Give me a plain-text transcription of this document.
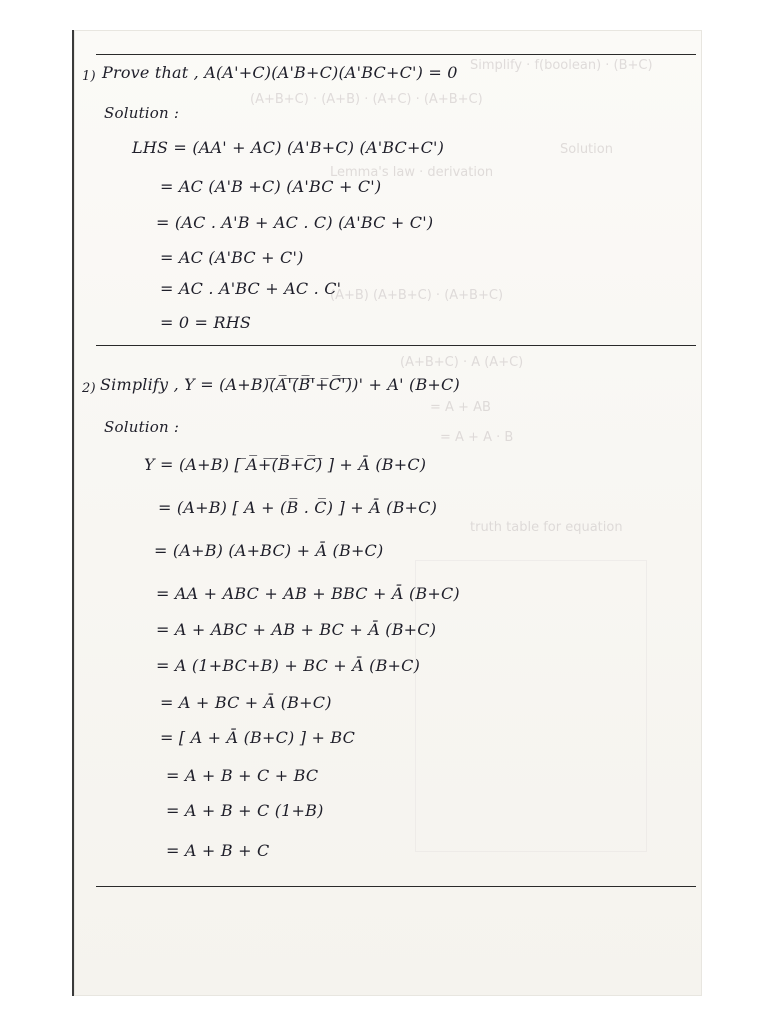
Simplify · f(boolean) · (B+C)
(A+B+C) · (A+B) · (A+C) · (A+B+C)
Solution
Lemma's law · derivation
(A+B) (A+B+C) · (A+B+C)
(A+B+C) · A (A+C)
= A + AB
= A + A · B
truth table for equation
1) Prove that , A(A'+C)(A'B+C)(A'BC+C') = 0
Solution :
LHS = (AA' + AC) (A'B+C) (A'BC+C')
= AC (A'B +C) (A'BC + C')
= (AC . A'B + AC . C) (A'BC + C')
= AC (A'BC + C')
= AC . A'BC + AC . C'
= 0 = RHS
2) Simplify , Y = (A+B)(̅A̅'̅(̅B̅'̅+̅C̅'̅)̅)' + A' (B+C)
Solution :
Y = (A+B) [ ̅A̅+̅(̅B̅+̅C̅)̅ ] + Ā (B+C)
= (A+B) [ A + (B̅ . C̅) ] + Ā (B+C)
= (A+B) (A+BC) + Ā (B+C)
= AA + ABC + AB + BBC + Ā (B+C)
= A + ABC + AB + BC + Ā (B+C)
= A (1+BC+B) + BC + Ā (B+C)
= A + BC + Ā (B+C)
= [ A + Ā (B+C) ] + BC
= A + B + C + BC
= A + B + C (1+B)
= A + B + C
